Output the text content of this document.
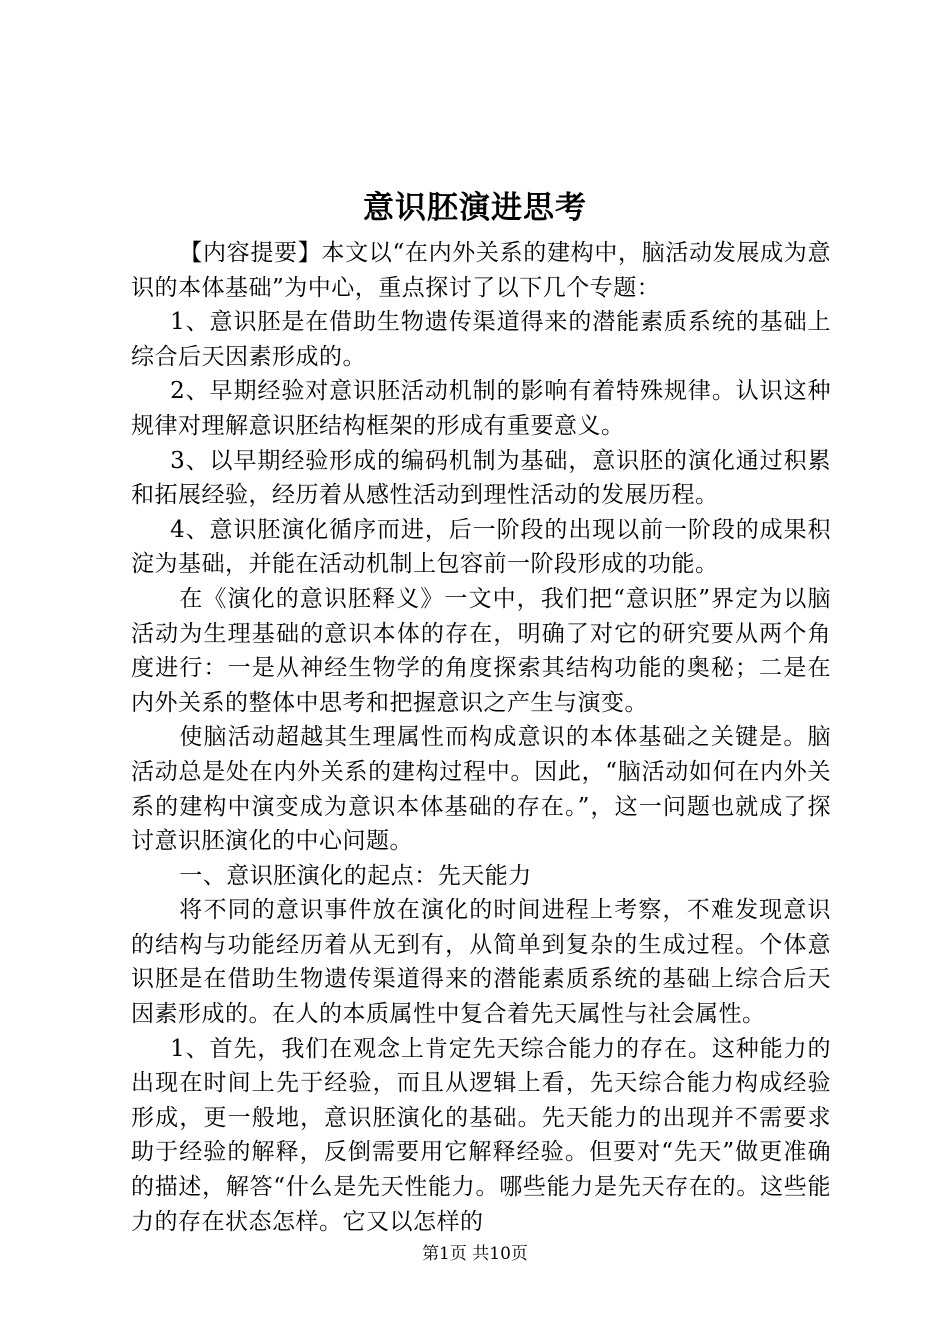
意识胚演进思考

【内容提要】本文以“在内外关系的建构中，脑活动发展成为意识的本体基础”为中心，重点探讨了以下几个专题：

1、意识胚是在借助生物遗传渠道得来的潜能素质系统的基础上综合后天因素形成的。

2、早期经验对意识胚活动机制的影响有着特殊规律。认识这种规律对理解意识胚结构框架的形成有重要意义。

3、以早期经验形成的编码机制为基础，意识胚的演化通过积累和拓展经验，经历着从感性活动到理性活动的发展历程。

4、意识胚演化循序而进，后一阶段的出现以前一阶段的成果积淀为基础，并能在活动机制上包容前一阶段形成的功能。

在《演化的意识胚释义》一文中，我们把“意识胚”界定为以脑活动为生理基础的意识本体的存在，明确了对它的研究要从两个角度进行：一是从神经生物学的角度探索其结构功能的奥秘；二是在内外关系的整体中思考和把握意识之产生与演变。

使脑活动超越其生理属性而构成意识的本体基础之关键是。脑活动总是处在内外关系的建构过程中。因此，“脑活动如何在内外关系的建构中演变成为意识本体基础的存在。”，这一问题也就成了探讨意识胚演化的中心问题。

一、意识胚演化的起点：先天能力

将不同的意识事件放在演化的时间进程上考察，不难发现意识的结构与功能经历着从无到有，从简单到复杂的生成过程。个体意识胚是在借助生物遗传渠道得来的潜能素质系统的基础上综合后天因素形成的。在人的本质属性中复合着先天属性与社会属性。

1、首先，我们在观念上肯定先天综合能力的存在。这种能力的出现在时间上先于经验，而且从逻辑上看，先天综合能力构成经验形成，更一般地，意识胚演化的基础。先天能力的出现并不需要求助于经验的解释，反倒需要用它解释经验。但要对“先天”做更准确的描述，解答“什么是先天性能力。哪些能力是先天存在的。这些能力的存在状态怎样。它又以怎样的

第1页 共10页
